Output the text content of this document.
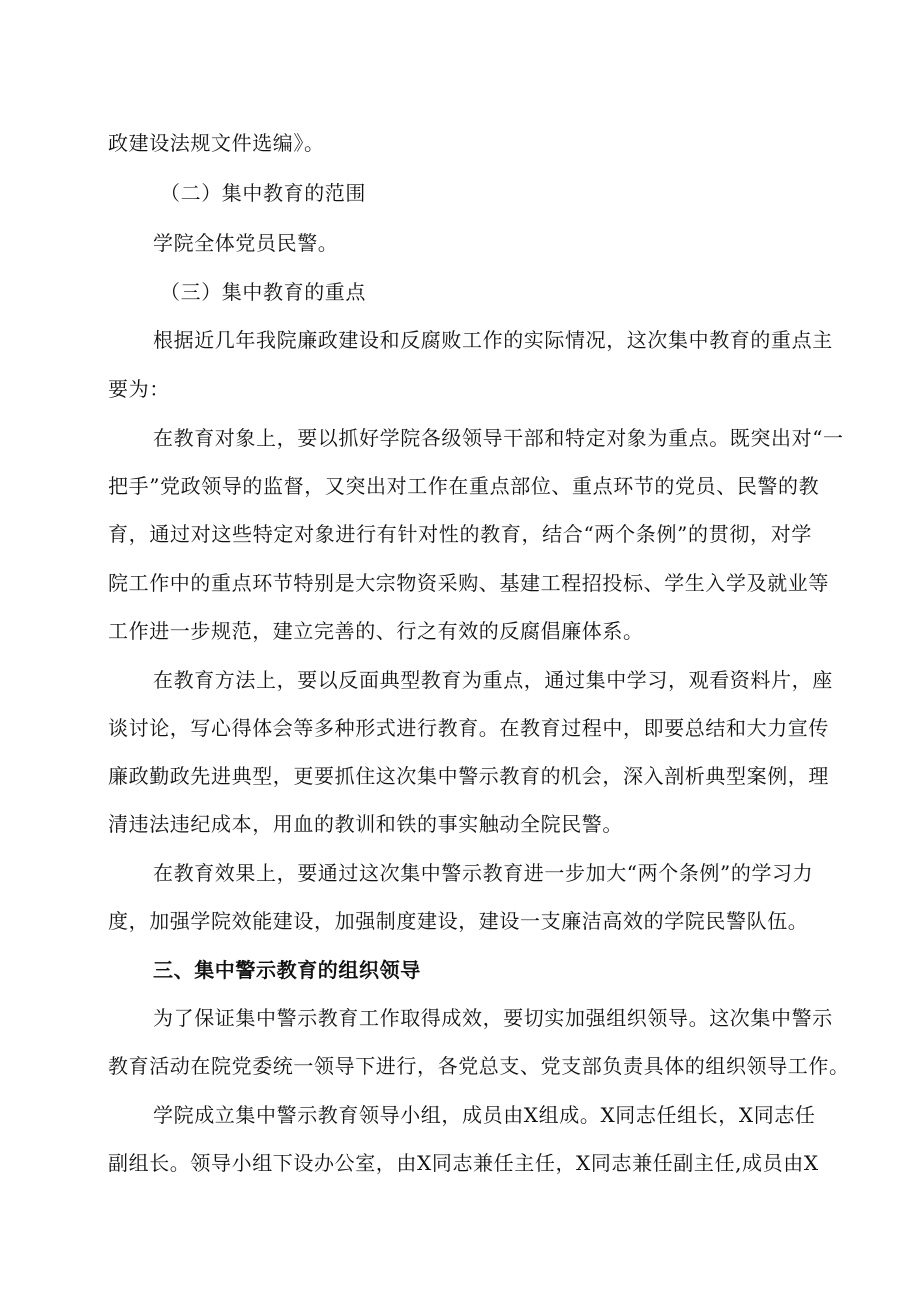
政建设法规文件选编》。
（二）集中教育的范围
学院全体党员民警。
（三）集中教育的重点
根据近几年我院廉政建设和反腐败工作的实际情况，这次集中教育的重点主
要为：
在教育对象上，要以抓好学院各级领导干部和特定对象为重点。既突出对“一
把手”党政领导的监督，又突出对工作在重点部位、重点环节的党员、民警的教
育，通过对这些特定对象进行有针对性的教育，结合“两个条例”的贯彻，对学
院工作中的重点环节特别是大宗物资采购、基建工程招投标、学生入学及就业等
工作进一步规范，建立完善的、行之有效的反腐倡廉体系。
在教育方法上，要以反面典型教育为重点，通过集中学习，观看资料片，座
谈讨论，写心得体会等多种形式进行教育。在教育过程中，即要总结和大力宣传
廉政勤政先进典型，更要抓住这次集中警示教育的机会，深入剖析典型案例，理
清违法违纪成本，用血的教训和铁的事实触动全院民警。
在教育效果上，要通过这次集中警示教育进一步加大“两个条例”的学习力
度，加强学院效能建设，加强制度建设，建设一支廉洁高效的学院民警队伍。
三、集中警示教育的组织领导
为了保证集中警示教育工作取得成效，要切实加强组织领导。这次集中警示
教育活动在院党委统一领导下进行，各党总支、党支部负责具体的组织领导工作。
学院成立集中警示教育领导小组，成员由X组成。X同志任组长，X同志任
副组长。领导小组下设办公室，由X同志兼任主任，X同志兼任副主任,成员由X
